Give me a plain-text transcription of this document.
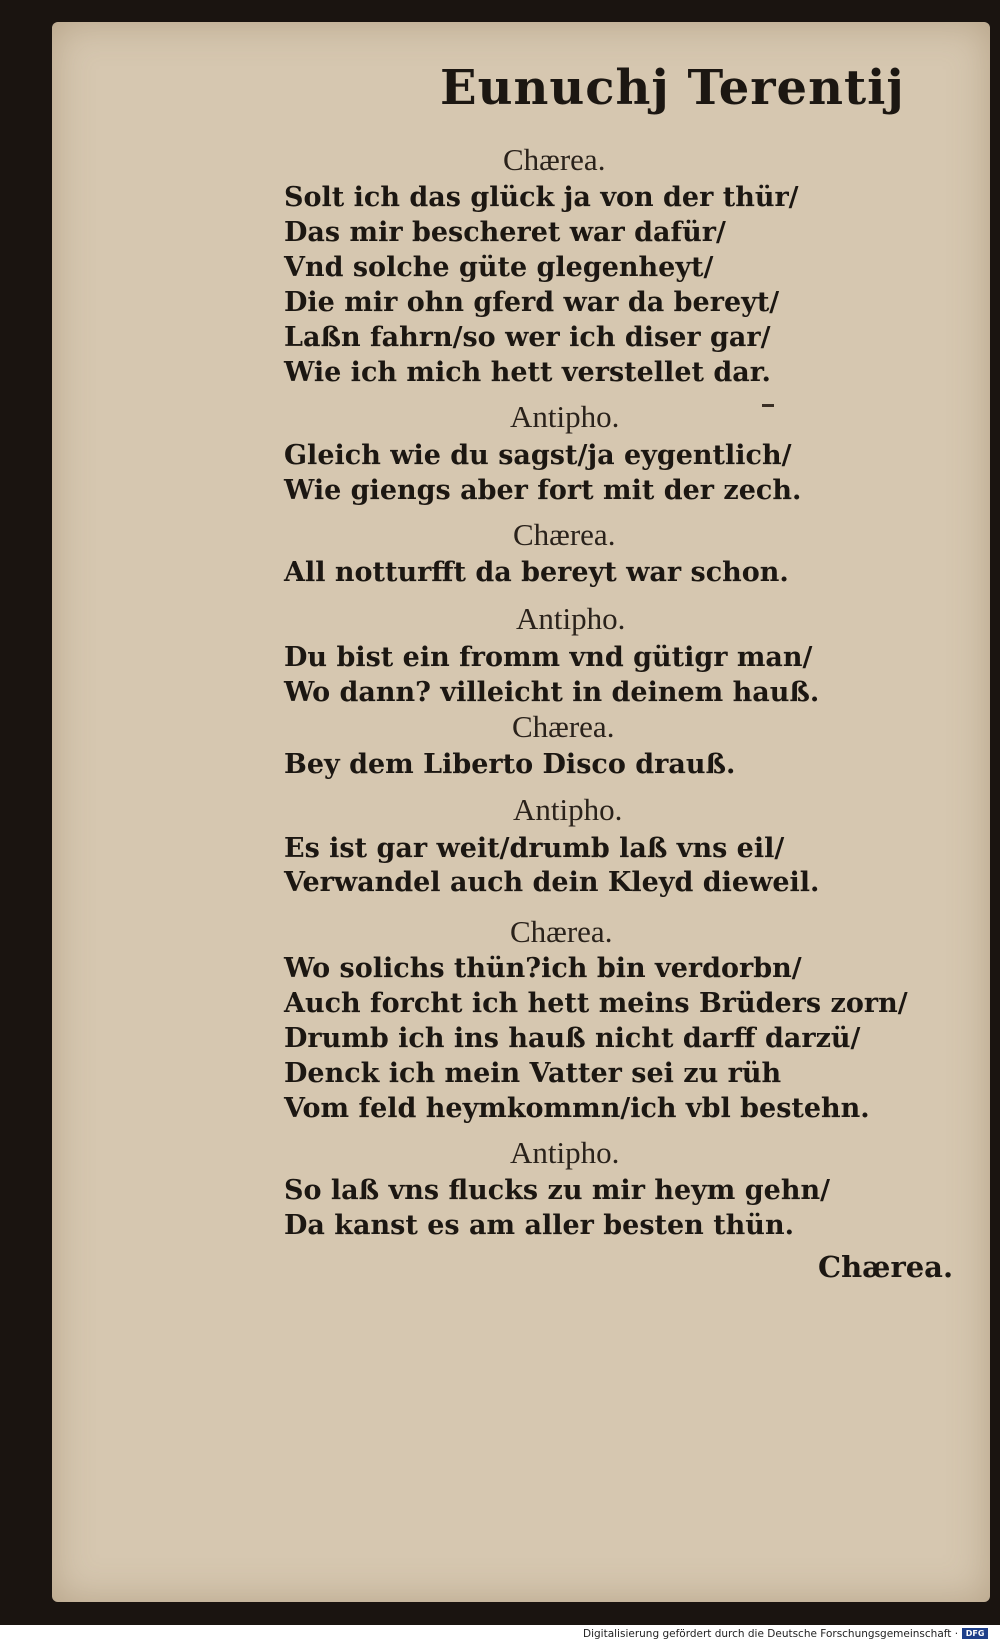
Eunuchj Terentij
Chærea.
Solt ich das glück ja von der thür/
Das mir bescheret war dafür/
Vnd solche güte glegenheyt/
Die mir ohn gferd war da bereyt/
Laßn fahrn/so wer ich diser gar/
Wie ich mich hett verstellet dar.
Antipho.
Gleich wie du sagst/ja eygentlich/
Wie giengs aber fort mit der zech.
Chærea.
All notturfft da bereyt war schon.
Antipho.
Du bist ein fromm vnd gütigr man/
Wo dann? villeicht in deinem hauß.
Chærea.
Bey dem Liberto Disco drauß.
Antipho.
Es ist gar weit/drumb laß vns eil/
Verwandel auch dein Kleyd dieweil.
Chærea.
Wo solichs thün?ich bin verdorbn/
Auch forcht ich hett meins Brüders zorn/
Drumb ich ins hauß nicht darff darzü/
Denck ich mein Vatter sei zu rüh
Vom feld heymkommn/ich vbl bestehn.
Antipho.
So laß vns flucks zu mir heym gehn/
Da kanst es am aller besten thün.
Chærea.
Digitalisierung gefördert durch die Deutsche Forschungsgemeinschaft · DFG
